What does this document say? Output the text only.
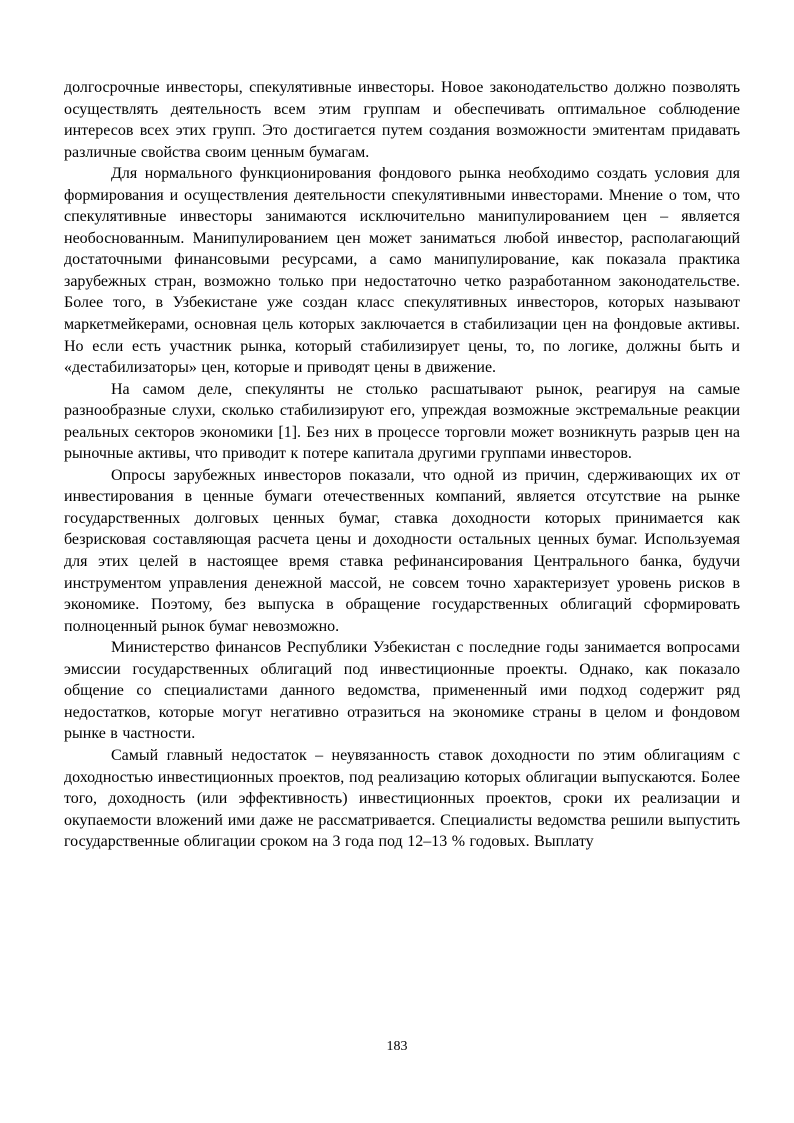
долгосрочные инвесторы, спекулятивные инвесторы. Новое законодательство должно позволять осуществлять деятельность всем этим группам и обеспечивать оптимальное соблюдение интересов всех этих групп. Это достигается путем создания возможности эмитентам придавать различные свойства своим ценным бумагам.

Для нормального функционирования фондового рынка необходимо создать условия для формирования и осуществления деятельности спекулятивными инвесторами. Мнение о том, что спекулятивные инвесторы занимаются исключительно манипулированием цен – является необоснованным. Манипулированием цен может заниматься любой инвестор, располагающий достаточными финансовыми ресурсами, а само манипулирование, как показала практика зарубежных стран, возможно только при недостаточно четко разработанном законодательстве. Более того, в Узбекистане уже создан класс спекулятивных инвесторов, которых называют маркетмейкерами, основная цель которых заключается в стабилизации цен на фондовые активы. Но если есть участник рынка, который стабилизирует цены, то, по логике, должны быть и «дестабилизаторы» цен, которые и приводят цены в движение.

На самом деле, спекулянты не столько расшатывают рынок, реагируя на самые разнообразные слухи, сколько стабилизируют его, упреждая возможные экстремальные реакции реальных секторов экономики [1]. Без них в процессе торговли может возникнуть разрыв цен на рыночные активы, что приводит к потере капитала другими группами инвесторов.

Опросы зарубежных инвесторов показали, что одной из причин, сдерживающих их от инвестирования в ценные бумаги отечественных компаний, является отсутствие на рынке государственных долговых ценных бумаг, ставка доходности которых принимается как безрисковая составляющая расчета цены и доходности остальных ценных бумаг. Используемая для этих целей в настоящее время ставка рефинансирования Центрального банка, будучи инструментом управления денежной массой, не совсем точно характеризует уровень рисков в экономике. Поэтому, без выпуска в обращение государственных облигаций сформировать полноценный рынок бумаг невозможно.

Министерство финансов Республики Узбекистан с последние годы занимается вопросами эмиссии государственных облигаций под инвестиционные проекты. Однако, как показало общение со специалистами данного ведомства, примененный ими подход содержит ряд недостатков, которые могут негативно отразиться на экономике страны в целом и фондовом рынке в частности.

Самый главный недостаток – неувязанность ставок доходности по этим облигациям с доходностью инвестиционных проектов, под реализацию которых облигации выпускаются. Более того, доходность (или эффективность) инвестиционных проектов, сроки их реализации и окупаемости вложений ими даже не рассматривается. Специалисты ведомства решили выпустить государственные облигации сроком на 3 года под 12–13 % годовых. Выплату

183
